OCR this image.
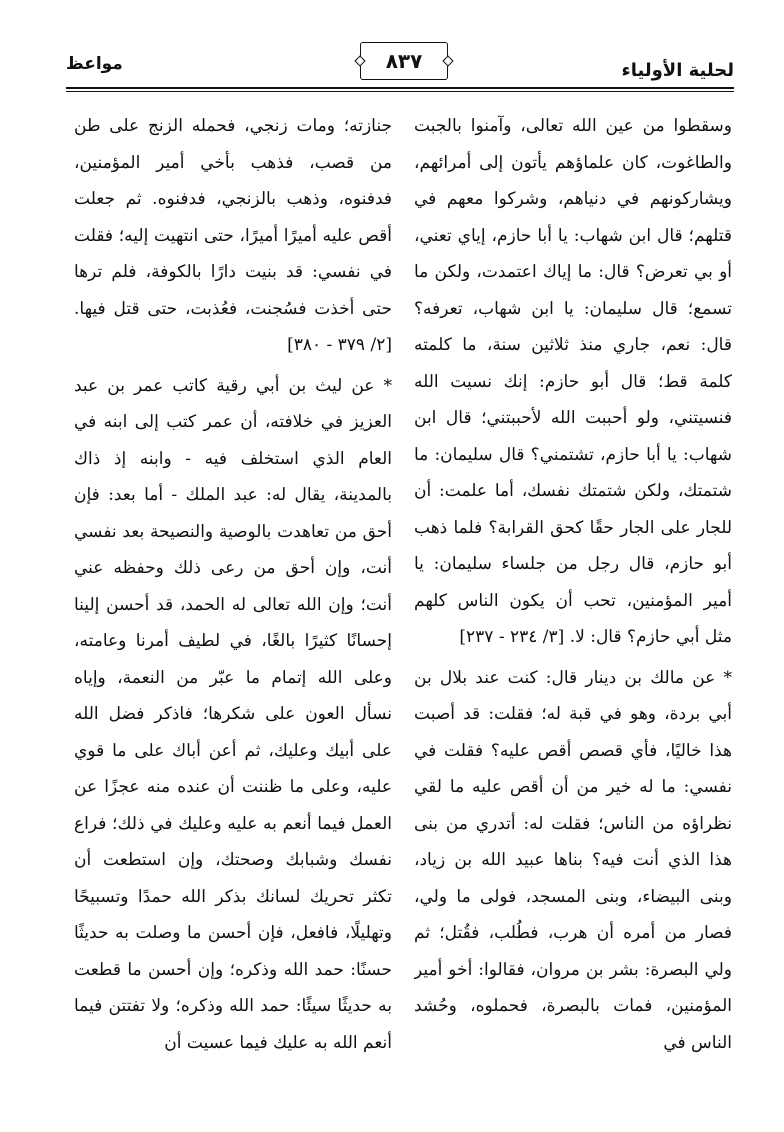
لحلية الأولياء
٨٣٧
مواعظ

وسقطوا من عين الله تعالى، وآمنوا بالجبت والطاغوت، كان علماؤهم يأتون إلى أمرائهم، ويشاركونهم في دنياهم، وشركوا معهم في قتلهم؛ قال ابن شهاب: يا أبا حازم، إياي تعني، أو بي تعرض؟ قال: ما إياك اعتمدت، ولكن ما تسمع؛ قال سليمان: يا ابن شهاب، تعرفه؟ قال: نعم، جاري منذ ثلاثين سنة، ما كلمته كلمة قط؛ قال أبو حازم: إنك نسيت الله فنسيتني، ولو أحببت الله لأحببتني؛ قال ابن شهاب: يا أبا حازم، تشتمني؟ قال سليمان: ما شتمتك، ولكن شتمتك نفسك، أما علمت: أن للجار على الجار حقًا كحق القرابة؟ فلما ذهب أبو حازم، قال رجل من جلساء سليمان: يا أمير المؤمنين، تحب أن يكون الناس كلهم مثل أبي حازم؟ قال: لا. [٣/ ٢٣٤ - ٢٣٧]

* عن مالك بن دينار قال: كنت عند بلال بن أبي بردة، وهو في قبة له؛ فقلت: قد أصبت هذا خاليًا، فأي قصص أقص عليه؟ فقلت في نفسي: ما له خير من أن أقص عليه ما لقي نظراؤه من الناس؛ فقلت له: أتدري من بنى هذا الذي أنت فيه؟ بناها عبيد الله بن زياد، وبنى البيضاء، وبنى المسجد، فولى ما ولي، فصار من أمره أن هرب، فطُلب، فقُتل؛ ثم ولي البصرة: بشر بن مروان، فقالوا: أخو أمير المؤمنين، فمات بالبصرة، فحملوه، وحُشد الناس في

جنازته؛ ومات زنجي، فحمله الزنج على طن من قصب، فذهب بأخي أمير المؤمنين، فدفنوه، وذهب بالزنجي، فدفنوه. ثم جعلت أقص عليه أميرًا أميرًا، حتى انتهيت إليه؛ فقلت في نفسي: قد بنيت دارًا بالكوفة، فلم ترها حتى أخذت فسُجنت، فعُذبت، حتى قتل فيها. [٢/ ٣٧٩ - ٣٨٠]

* عن ليث بن أبي رقية كاتب عمر بن عبد العزيز في خلافته، أن عمر كتب إلى ابنه في العام الذي استخلف فيه - وابنه إذ ذاك بالمدينة، يقال له: عبد الملك - أما بعد: فإن أحق من تعاهدت بالوصية والنصيحة بعد نفسي أنت، وإن أحق من رعى ذلك وحفظه عني أنت؛ وإن الله تعالى له الحمد، قد أحسن إلينا إحسانًا كثيرًا بالغًا، في لطيف أمرنا وعامته، وعلى الله إتمام ما عبّر من النعمة، وإياه نسأل العون على شكرها؛ فاذكر فضل الله على أبيك وعليك، ثم أعن أباك على ما قوي عليه، وعلى ما ظننت أن عنده منه عجزًا عن العمل فيما أنعم به عليه وعليك في ذلك؛ فراع نفسك وشبابك وصحتك، وإن استطعت أن تكثر تحريك لسانك بذكر الله حمدًا وتسبيحًا وتهليلًا، فافعل، فإن أحسن ما وصلت به حديثًا حسنًا: حمد الله وذكره؛ وإن أحسن ما قطعت به حديثًا سيئًا: حمد الله وذكره؛ ولا تفتتن فيما أنعم الله به عليك فيما عسيت أن
